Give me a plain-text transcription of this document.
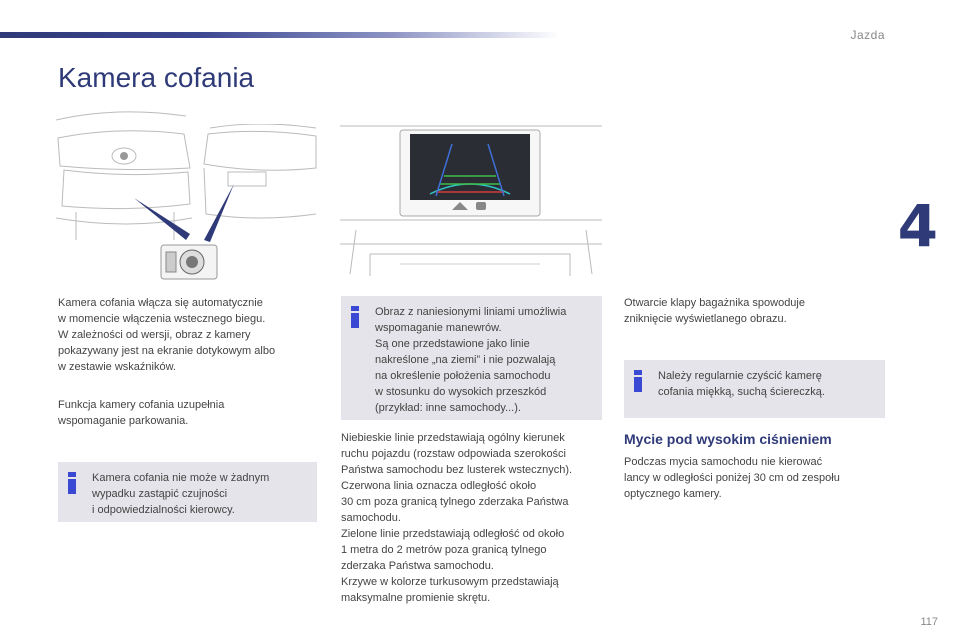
Jazda
4
Kamera cofania
Kamera cofania włącza się automatycznie
w momencie włączenia wstecznego biegu.
W zależności od wersji, obraz z kamery
pokazywany jest na ekranie dotykowym albo
w zestawie wskaźników.
Funkcja kamery cofania uzupełnia
wspomaganie parkowania.
Kamera cofania nie może w żadnym
wypadku zastąpić czujności
i odpowiedzialności kierowcy.
Obraz z naniesionymi liniami umożliwia
wspomaganie manewrów.
Są one przedstawione jako linie
nakreślone „na ziemi” i nie pozwalają
na określenie położenia samochodu
w stosunku do wysokich przeszkód
(przykład: inne samochody...).
Niebieskie linie przedstawiają ogólny kierunek
ruchu pojazdu (rozstaw odpowiada szerokości
Państwa samochodu bez lusterek wstecznych).
Czerwona linia oznacza odległość około
30 cm poza granicą tylnego zderzaka Państwa
samochodu.
Zielone linie przedstawiają odległość od około
1 metra do 2 metrów poza granicą tylnego
zderzaka Państwa samochodu.
Krzywe w kolorze turkusowym przedstawiają
maksymalne promienie skrętu.
Otwarcie klapy bagażnika spowoduje
zniknięcie wyświetlanego obrazu.
Należy regularnie czyścić kamerę
cofania miękką, suchą ściereczką.
Mycie pod wysokim ciśnieniem
Podczas mycia samochodu nie kierować
lancy w odległości poniżej 30 cm od zespołu
optycznego kamery.
117
